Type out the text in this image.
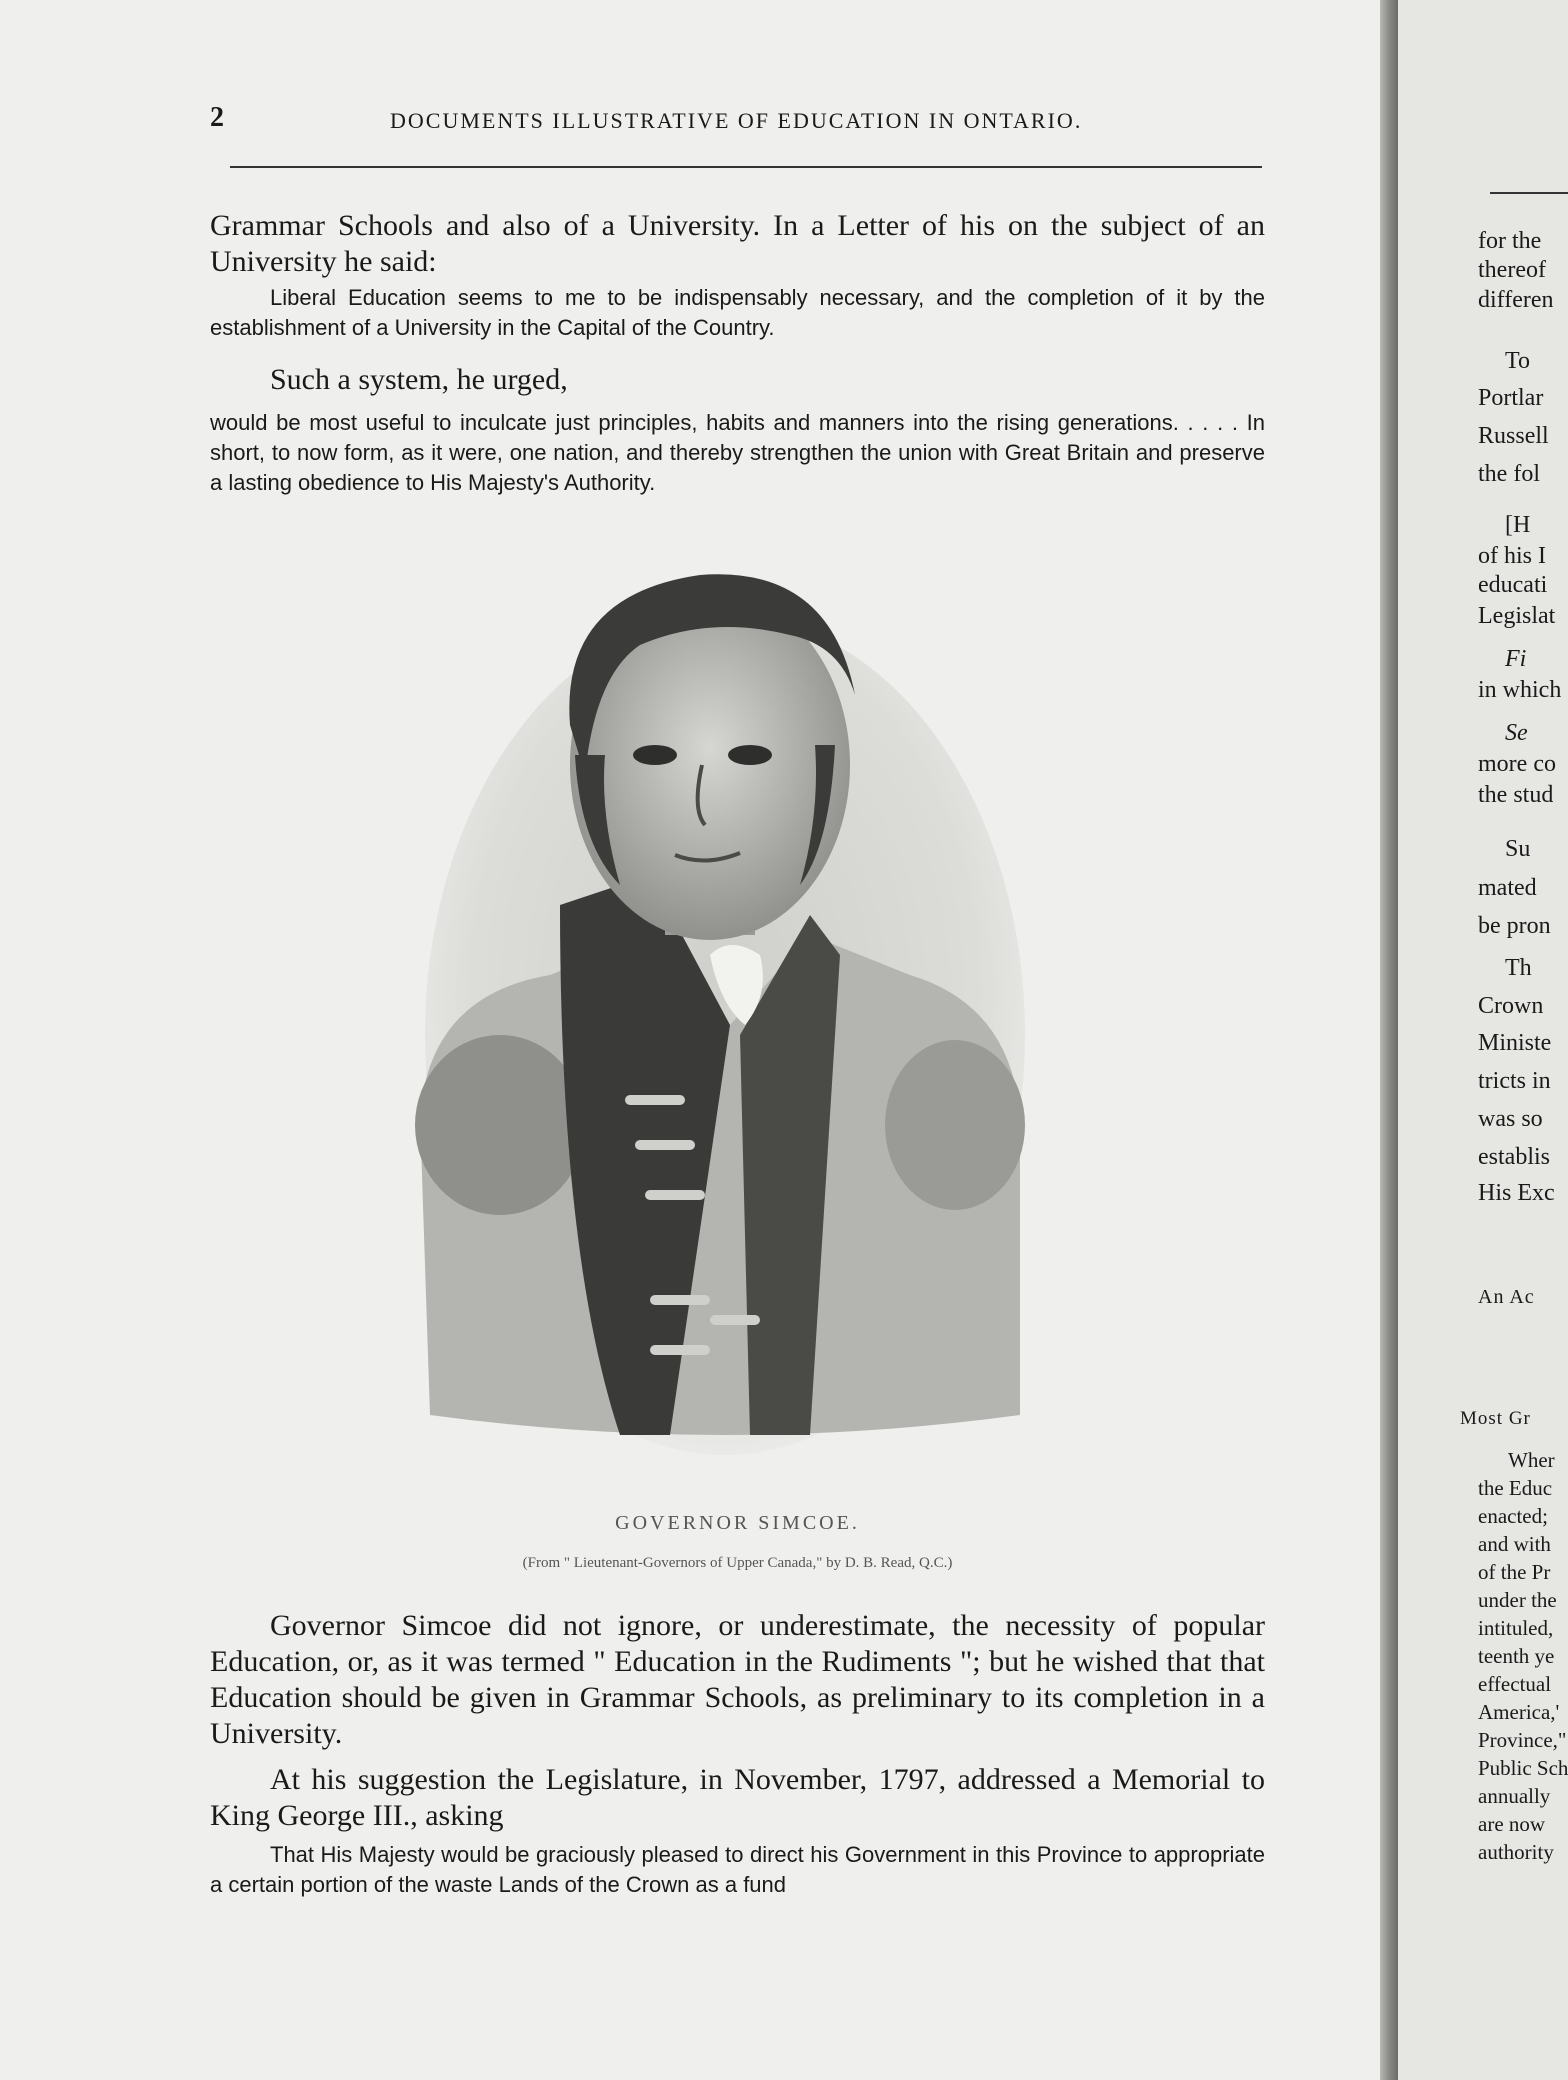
2	DOCUMENTS ILLUSTRATIVE OF EDUCATION IN ONTARIO.

Grammar Schools and also of a University. In a Letter of his on the subject of an University he said:

Liberal Education seems to me to be indispensably necessary, and the completion of it by the establishment of a University in the Capital of the Country.

Such a system, he urged,

would be most useful to inculcate just principles, habits and manners into the rising generations. . . . . In short, to now form, as it were, one nation, and thereby strengthen the union with Great Britain and preserve a lasting obedience to His Majesty's Authority.

GOVERNOR SIMCOE.
(From " Lieutenant-Governors of Upper Canada," by D. B. Read, Q.C.)

Governor Simcoe did not ignore, or underestimate, the necessity of popular Education, or, as it was termed " Education in the Rudiments "; but he wished that that Education should be given in Grammar Schools, as preliminary to its completion in a University.

At his suggestion the Legislature, in November, 1797, addressed a Memorial to King George III., asking

That His Majesty would be graciously pleased to direct his Government in this Province to appropriate a certain portion of the waste Lands of the Crown as a fund

for the
thereof
differen
To
Portlar
Russell
the fol
[H
of his I
educati
Legislat
Fi
in which
Se
more co
the stud
Su
mated
be pron
Th
Crown
Ministe
tricts in
was so
establis
His Exc
An Ac
Most Gr
Wher
the Educ
enacted;
and with
of the Pr
under the
intituled,
teenth ye
effectual
America,'
Province,"
Public Sch
annually
are now
authority
